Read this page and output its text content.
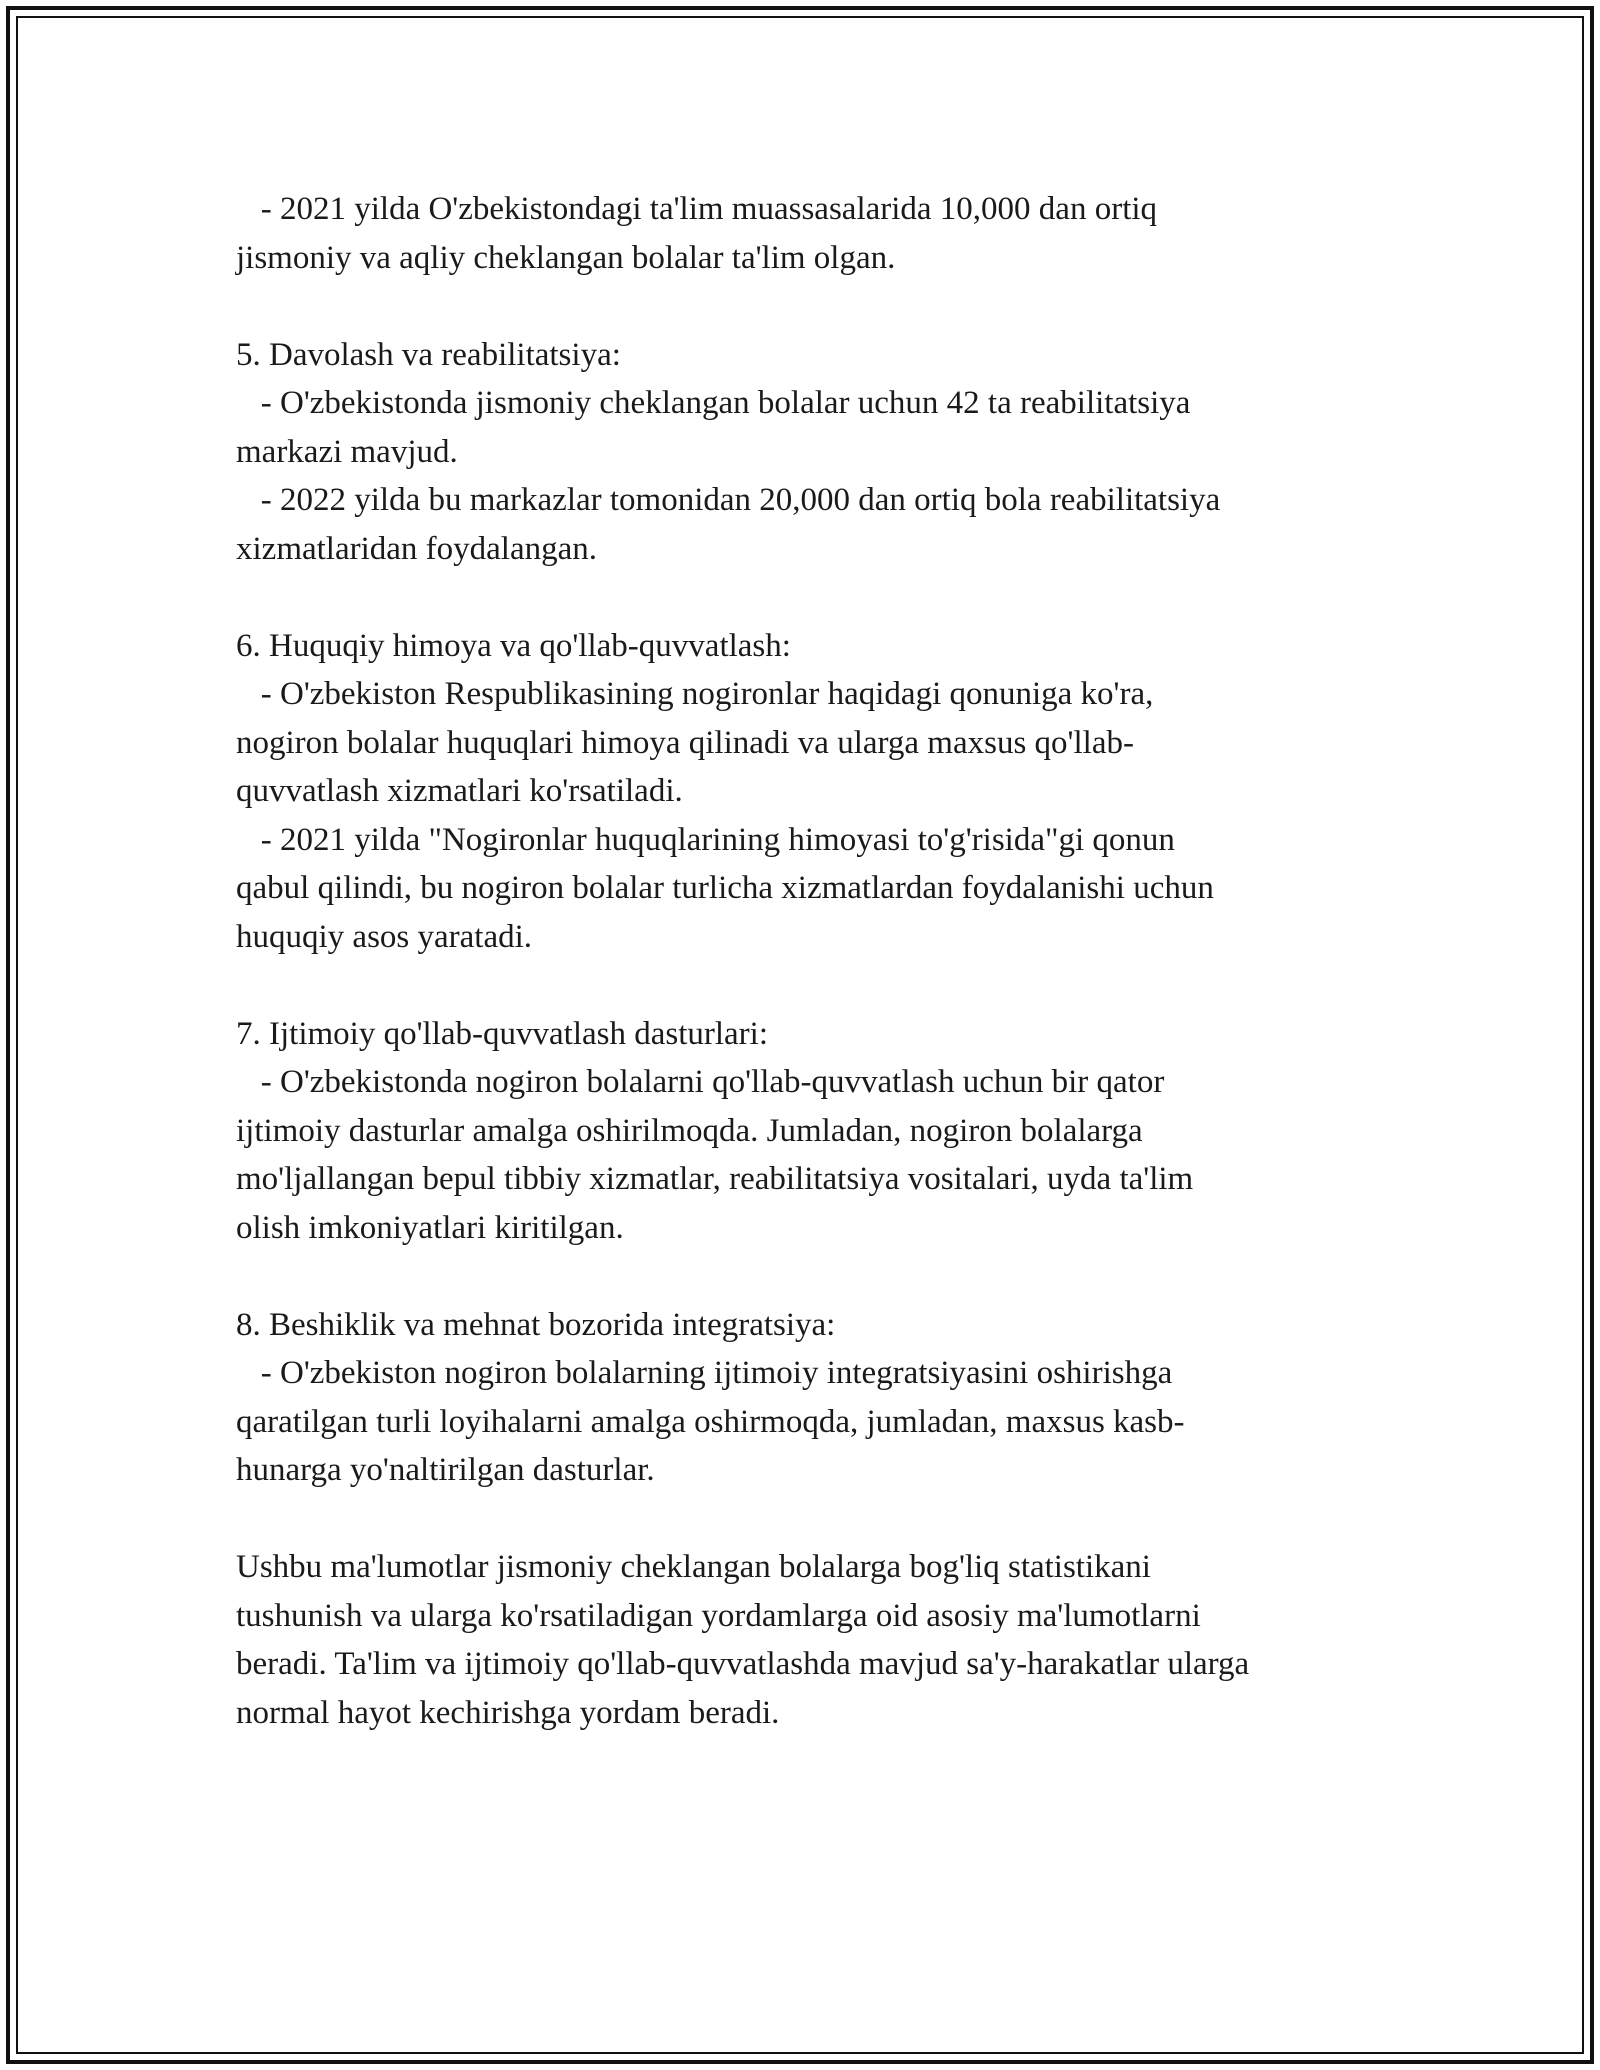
- 2021 yilda O'zbekistondagi ta'lim muassasalarida 10,000 dan ortiq
jismoniy va aqliy cheklangan bolalar ta'lim olgan.
5. Davolash va reabilitatsiya:
- O'zbekistonda jismoniy cheklangan bolalar uchun 42 ta reabilitatsiya
markazi mavjud.
- 2022 yilda bu markazlar tomonidan 20,000 dan ortiq bola reabilitatsiya
xizmatlaridan foydalangan.
6. Huquqiy himoya va qo'llab-quvvatlash:
- O'zbekiston Respublikasining nogironlar haqidagi qonuniga ko'ra,
nogiron bolalar huquqlari himoya qilinadi va ularga maxsus qo'llab-
quvvatlash xizmatlari ko'rsatiladi.
- 2021 yilda "Nogironlar huquqlarining himoyasi to'g'risida"gi qonun
qabul qilindi, bu nogiron bolalar turlicha xizmatlardan foydalanishi uchun
huquqiy asos yaratadi.
7. Ijtimoiy qo'llab-quvvatlash dasturlari:
- O'zbekistonda nogiron bolalarni qo'llab-quvvatlash uchun bir qator
ijtimoiy dasturlar amalga oshirilmoqda. Jumladan, nogiron bolalarga
mo'ljallangan bepul tibbiy xizmatlar, reabilitatsiya vositalari, uyda ta'lim
olish imkoniyatlari kiritilgan.
8. Beshiklik va mehnat bozorida integratsiya:
- O'zbekiston nogiron bolalarning ijtimoiy integratsiyasini oshirishga
qaratilgan turli loyihalarni amalga oshirmoqda, jumladan, maxsus kasb-
hunarga yo'naltirilgan dasturlar.
Ushbu ma'lumotlar jismoniy cheklangan bolalarga bog'liq statistikani
tushunish va ularga ko'rsatiladigan yordamlarga oid asosiy ma'lumotlarni
beradi. Ta'lim va ijtimoiy qo'llab-quvvatlashda mavjud sa'y-harakatlar ularga
normal hayot kechirishga yordam beradi.
